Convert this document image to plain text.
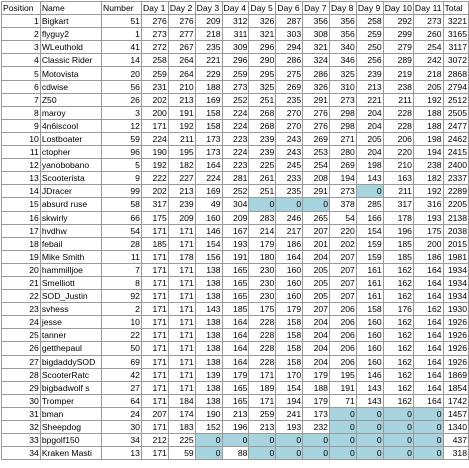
Position	Name	Number	Day 1	Day 2	Day 3	Day 4	Day 5	Day 6	Day 7	Day 8	Day 9	Day 10	Day 11	Total
1	Bigkart	51	276	276	209	312	326	287	356	356	258	292	273	3221
2	flyguy2	1	273	277	218	311	321	303	308	356	259	299	260	3165
3	WLeuthold	41	272	267	235	309	296	294	321	340	250	279	254	3117
4	Classic Rider	14	258	264	221	296	290	286	324	346	256	289	242	3072
5	Motovista	20	259	264	229	259	295	275	286	325	239	219	218	2868
6	cdwise	56	231	210	188	273	325	269	326	310	213	238	205	2794
7	Z50	26	202	213	169	252	251	235	291	273	221	211	192	2512
8	maroy	3	200	191	158	224	268	270	276	298	204	228	188	2505
9	4n6iscool	12	171	192	158	224	268	270	276	298	204	228	188	2477
10	Lostboater	59	224	211	173	223	239	243	269	271	205	206	198	2462
11	ctopher	96	190	195	173	224	239	243	253	280	204	220	194	2415
12	yanobobano	5	192	182	164	223	225	245	254	269	198	210	238	2400
13	Scooterista	9	222	227	224	281	261	233	208	194	143	163	182	2337
14	JDracer	99	202	213	169	252	251	235	291	273	0	211	192	2289
15	absurd ruse	58	317	239	49	304	0	0	0	378	285	317	316	2205
16	skwirly	66	175	209	160	209	283	246	265	54	166	178	193	2138
17	hvdhw	54	171	171	146	167	214	217	207	220	154	196	175	2038
18	febail	28	185	171	154	193	179	186	201	202	159	185	200	2015
19	Mike Smith	11	171	178	156	191	180	164	204	207	159	185	186	1981
20	hammilljoe	7	171	171	138	165	230	160	205	207	161	162	164	1934
21	Smelliott	8	171	171	138	165	230	160	205	207	161	162	164	1934
22	SOD_Justin	92	171	171	138	165	230	160	205	207	161	162	164	1934
23	svhess	2	171	171	143	185	175	179	207	206	158	176	162	1930
24	jesse	10	171	171	138	164	228	158	204	206	160	162	164	1926
25	tanner	22	171	171	138	164	228	158	204	206	160	162	164	1926
26	getthepaul	50	171	171	138	164	228	158	204	206	160	162	164	1926
27	bigdaddySOD	69	171	171	138	164	228	158	204	206	160	162	164	1926
28	ScooterRatc	42	171	171	139	179	171	170	179	195	146	162	164	1869
29	bigbadwolf s	27	171	171	138	165	189	154	188	191	143	162	164	1854
30	Tromper	64	171	184	138	165	171	194	179	71	143	162	164	1742
31	bman	24	207	174	190	213	259	241	173	0	0	0	0	1457
32	Sheepdog	30	171	183	152	196	213	193	232	0	0	0	0	1340
33	bpgolf150	34	212	225	0	0	0	0	0	0	0	0	0	437
34	Kraken Masti	13	171	59	0	88	0	0	0	0	0	0	0	318
